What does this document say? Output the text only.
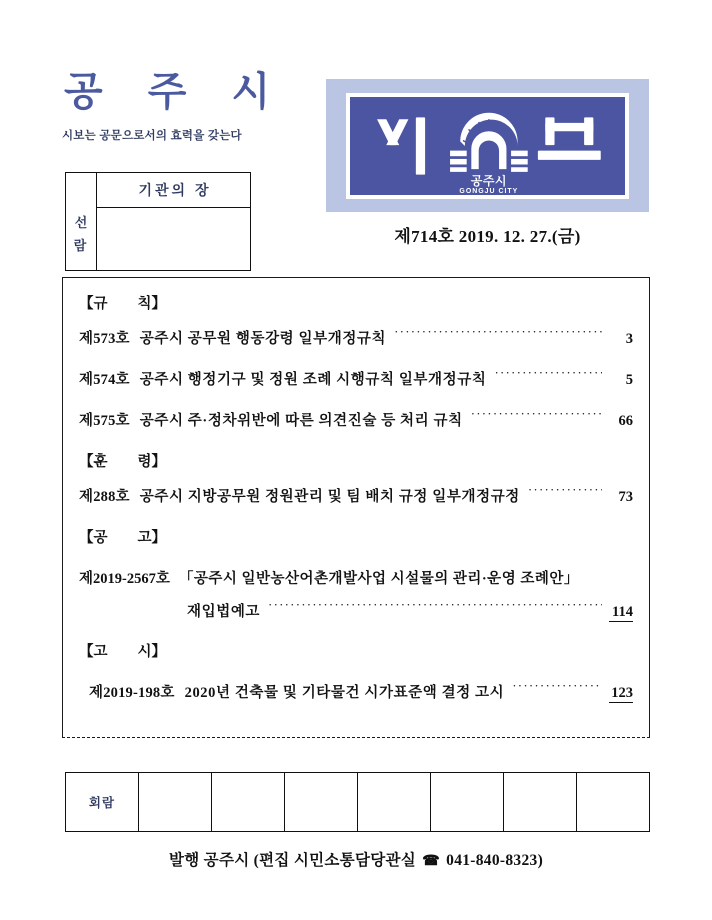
공 주 시
시보는 공문으로서의 효력을 갖는다
선
	기관의 장

람	
공주시
GONGJU CITY
제714호 2019. 12. 27.(금)
【규칙】
제573호 공주시 공무원 행동강령 일부개정규칙 ·····	3
제574호 공주시 행정기구 및 정원 조례 시행규칙 일부개정규칙 ·····	5
제575호 공주시 주·정차위반에 따른 의견진술 등 처리 규칙 ·····	66
【훈령】
제288호 공주시 지방공무원 정원관리 및 팀 배치 규정 일부개정규정 ·····	73
【공고】
제2019-2567호 「공주시 일반농산어촌개발사업 시설물의 관리·운영 조례안」
재입법예고 ·····	114
【고시】
제2019-198호 2020년 건축물 및 기타물건 시가표준액 결정 고시 ·····	123
회람							
발행 공주시 (편집 시민소통담당관실 ☎ 041-840-8323)
